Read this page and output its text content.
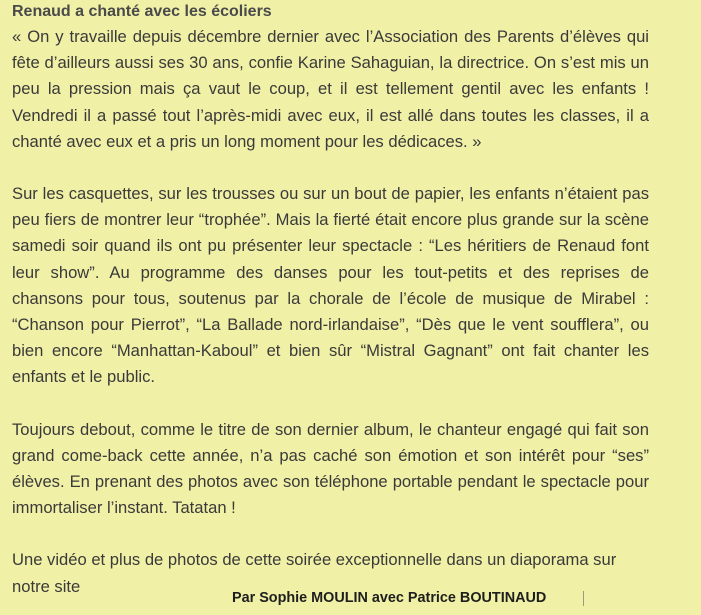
Renaud a chanté avec les écoliers

« On y travaille depuis décembre dernier avec l’Association des Parents d’élèves qui fête d’ailleurs aussi ses 30 ans, confie Karine Sahaguian, la directrice. On s’est mis un peu la pression mais ça vaut le coup, et il est tellement gentil avec les enfants ! Vendredi il a passé tout l’après-midi avec eux, il est allé dans toutes les classes, il a chanté avec eux et a pris un long moment pour les dédicaces. »

Sur les casquettes, sur les trousses ou sur un bout de papier, les enfants n’étaient pas peu fiers de montrer leur “trophée”. Mais la fierté était encore plus grande sur la scène samedi soir quand ils ont pu présenter leur spectacle : “Les héritiers de Renaud font leur show”. Au programme des danses pour les tout-petits et des reprises de chansons pour tous, soutenus par la chorale de l’école de musique de Mirabel : “Chanson pour Pierrot”, “La Ballade nord-irlandaise”, “Dès que le vent soufflera”, ou bien encore “Manhattan-Kaboul” et bien sûr “Mistral Gagnant” ont fait chanter les enfants et le public.

Toujours debout, comme le titre de son dernier album, le chanteur engagé qui fait son grand come-back cette année, n’a pas caché son émotion et son intérêt pour “ses” élèves. En prenant des photos avec son téléphone portable pendant le spectacle pour immortaliser l’instant. Tatatan !

Une vidéo et plus de photos de cette soirée exceptionnelle dans un diaporama sur notre site

Par Sophie MOULIN avec Patrice BOUTINAUD
